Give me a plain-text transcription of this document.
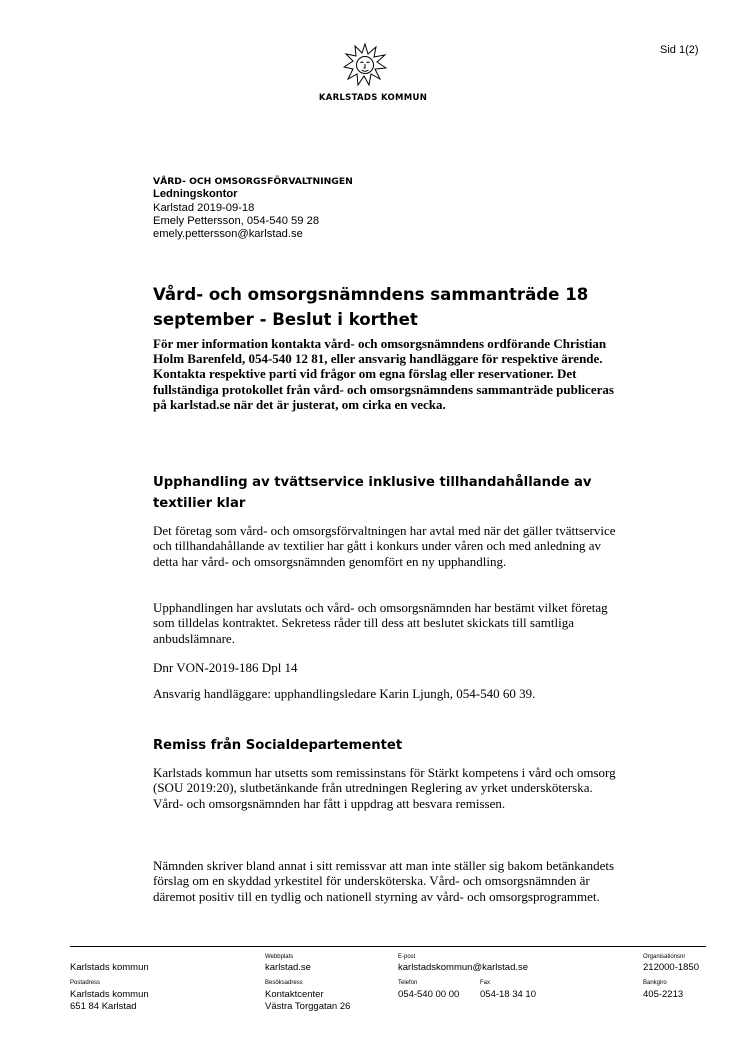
Sid 1(2)
KARLSTADS KOMMUN
VÅRD- OCH OMSORGSFÖRVALTNINGEN
Ledningskontor
Karlstad 2019-09-18
Emely Pettersson, 054-540 59 28
emely.pettersson@karlstad.se
Vård- och omsorgsnämndens sammanträde 18 september - Beslut i korthet
För mer information kontakta vård- och omsorgsnämndens ordförande Christian Holm Barenfeld, 054-540 12 81, eller ansvarig handläggare för respektive ärende. Kontakta respektive parti vid frågor om egna förslag eller reservationer. Det fullständiga protokollet från vård- och omsorgsnämndens sammanträde publiceras på karlstad.se när det är justerat, om cirka en vecka.
Upphandling av tvättservice inklusive tillhandahållande av textilier klar
Det företag som vård- och omsorgsförvaltningen har avtal med när det gäller tvättservice och tillhandahållande av textilier har gått i konkurs under våren och med anledning av detta har vård- och omsorgsnämnden genomfört en ny upphandling.
Upphandlingen har avslutats och vård- och omsorgsnämnden har bestämt vilket företag som tilldelas kontraktet. Sekretess råder till dess att beslutet skickats till samtliga anbudslämnare.
Dnr VON-2019-186 Dpl 14
Ansvarig handläggare: upphandlingsledare Karin Ljungh, 054-540 60 39.
Remiss från Socialdepartementet
Karlstads kommun har utsetts som remissinstans för Stärkt kompetens i vård och omsorg (SOU 2019:20), slutbetänkande från utredningen Reglering av yrket undersköterska. Vård- och omsorgsnämnden har fått i uppdrag att besvara remissen.
Nämnden skriver bland annat i sitt remissvar att man inte ställer sig bakom betänkandets förslag om en skyddad yrkestitel för undersköterska. Vård- och omsorgsnämnden är däremot positiv till en tydlig och nationell styrning av vård- och omsorgsprogrammet.
Karlstads kommun
Webbplats
karlstad.se
E-post
karlstadskommun@karlstad.se
Organisationsnr
212000-1850
Postadress
Karlstads kommun
651 84 Karlstad
Besöksadress
Kontaktcenter
Västra Torggatan 26
Telefon
054-540 00 00
Fax
054-18 34 10
Bankgiro
405-2213
